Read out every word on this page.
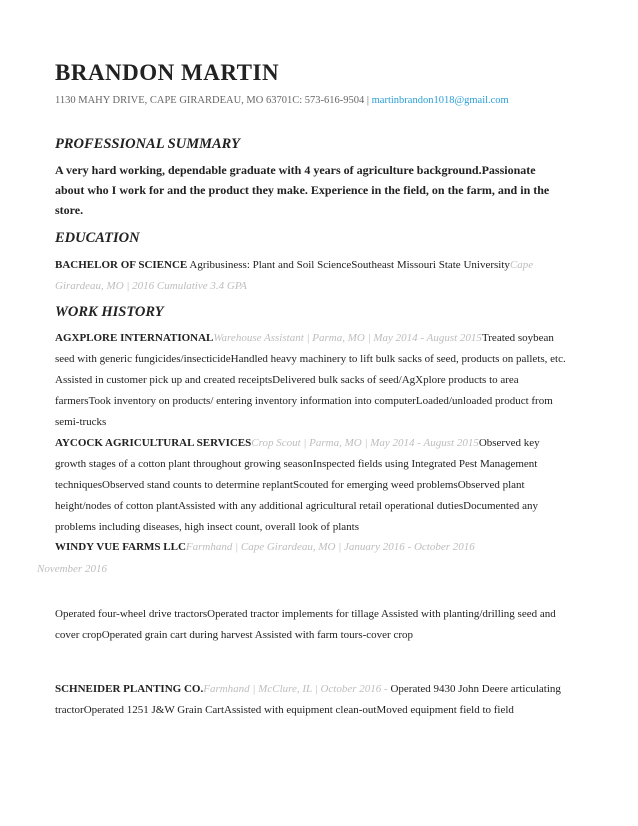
BRANDON MARTIN
1130 MAHY DRIVE, CAPE GIRARDEAU, MO 63701C: 573-616-9504 | martinbrandon1018@gmail.com
PROFESSIONAL SUMMARY

A very hard working, dependable graduate with 4 years of agriculture background.Passionate about who I work for and the product they make. Experience in the field, on the farm, and in the store.

EDUCATION

BACHELOR OF SCIENCE Agribusiness: Plant and Soil ScienceSoutheast Missouri State UniversityCape Girardeau, MO | 2016 Cumulative 3.4 GPA

WORK HISTORY

AGXPLORE INTERNATIONALWarehouse Assistant | Parma, MO | May 2014 - August 2015Treated soybean seed with generic fungicides/insecticideHandled heavy machinery to lift bulk sacks of seed, products on pallets, etc. Assisted in customer pick up and created receiptsDelivered bulk sacks of seed/AgXplore products to area farmersTook inventory on products/ entering inventory information into computerLoaded/unloaded product from semi-trucks

AYCOCK AGRICULTURAL SERVICESCrop Scout | Parma, MO | May 2014 - August 2015Observed key growth stages of a cotton plant throughout growing seasonInspected fields using Integrated Pest Management techniquesObserved stand counts to determine replantScouted for emerging weed problemsObserved plant height/nodes of cotton plantAssisted with any additional agricultural retail operational dutiesDocumented any problems including diseases, high insect count, overall look of plants

WINDY VUE FARMS LLCFarmhand | Cape Girardeau, MO | January 2016 - October 2016

November 2016

Operated four-wheel drive tractorsOperated tractor implements for tillage Assisted with planting/drilling seed and cover cropOperated grain cart during harvest Assisted with farm tours-cover crop

SCHNEIDER PLANTING CO.Farmhand | McClure, IL | October 2016 - Operated 9430 John Deere articulating tractorOperated 1251 J&W Grain CartAssisted with equipment clean-outMoved equipment field to field
